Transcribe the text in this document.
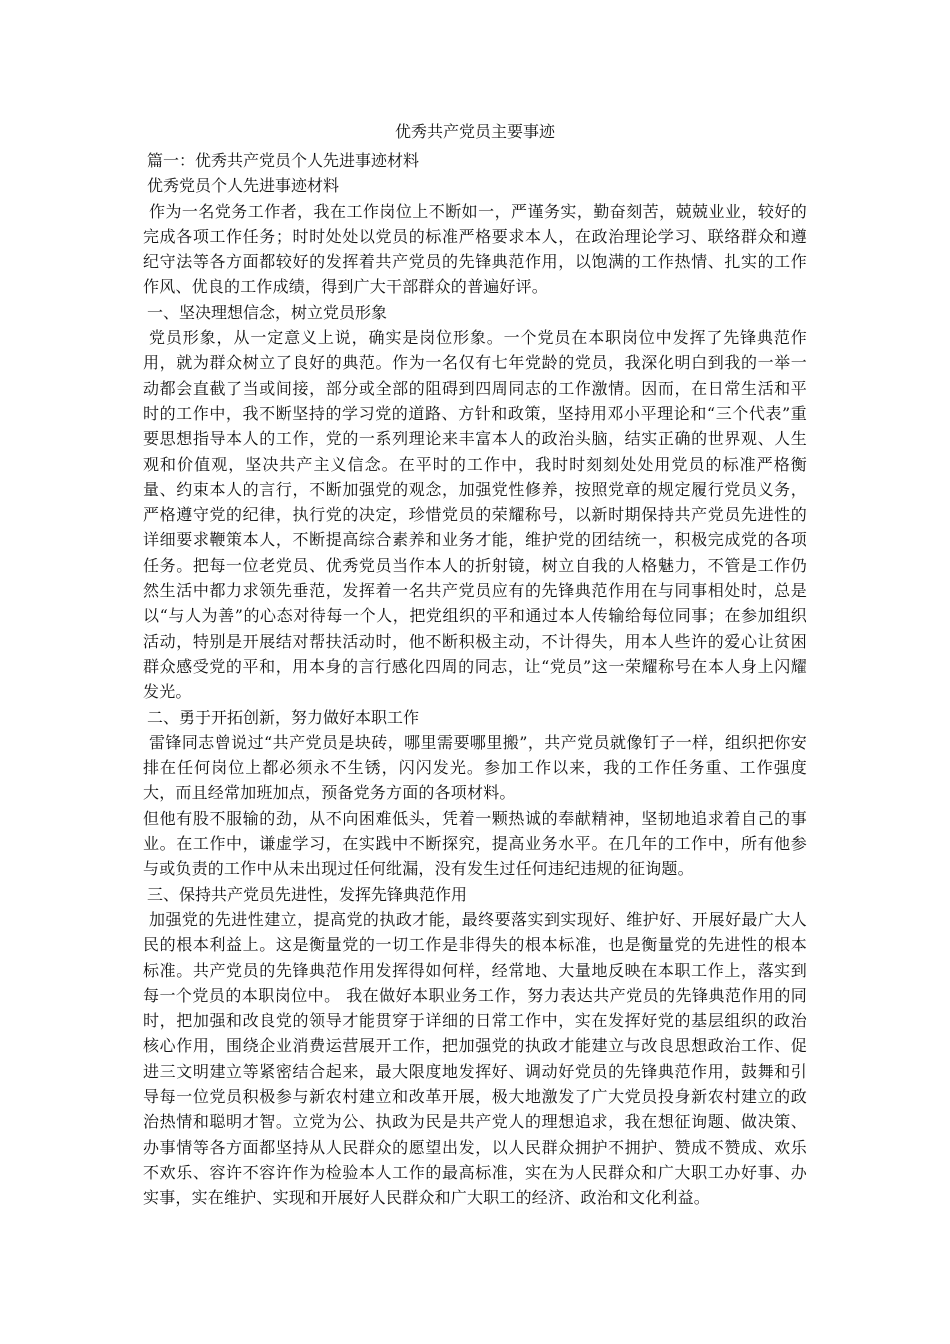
优秀共产党员主要事迹

篇一：优秀共产党员个人先进事迹材料

优秀党员个人先进事迹材料

作为一名党务工作者，我在工作岗位上不断如一，严谨务实，勤奋刻苦，兢兢业业，较好的完成各项工作任务；时时处处以党员的标准严格要求本人，在政治理论学习、联络群众和遵纪守法等各方面都较好的发挥着共产党员的先锋典范作用，以饱满的工作热情、扎实的工作作风、优良的工作成绩，得到广大干部群众的普遍好评。

一、坚决理想信念，树立党员形象

党员形象，从一定意义上说，确实是岗位形象。一个党员在本职岗位中发挥了先锋典范作用，就为群众树立了良好的典范。作为一名仅有七年党龄的党员，我深化明白到我的一举一动都会直截了当或间接，部分或全部的阻碍到四周同志的工作激情。因而，在日常生活和平时的工作中，我不断坚持的学习党的道路、方针和政策，坚持用邓小平理论和“三个代表”重要思想指导本人的工作，党的一系列理论来丰富本人的政治头脑，结实正确的世界观、人生观和价值观，坚决共产主义信念。在平时的工作中，我时时刻刻处处用党员的标准严格衡量、约束本人的言行，不断加强党的观念，加强党性修养，按照党章的规定履行党员义务，严格遵守党的纪律，执行党的决定，珍惜党员的荣耀称号，以新时期保持共产党员先进性的详细要求鞭策本人，不断提高综合素养和业务才能，维护党的团结统一，积极完成党的各项任务。把每一位老党员、优秀党员当作本人的折射镜，树立自我的人格魅力，不管是工作仍然生活中都力求领先垂范，发挥着一名共产党员应有的先锋典范作用在与同事相处时，总是以“与人为善”的心态对待每一个人，把党组织的平和通过本人传输给每位同事；在参加组织活动，特别是开展结对帮扶活动时，他不断积极主动，不计得失，用本人些许的爱心让贫困群众感受党的平和，用本身的言行感化四周的同志，让“党员”这一荣耀称号在本人身上闪耀发光。

二、勇于开拓创新，努力做好本职工作

雷锋同志曾说过“共产党员是块砖，哪里需要哪里搬”，共产党员就像钉子一样，组织把你安排在任何岗位上都必须永不生锈，闪闪发光。参加工作以来，我的工作任务重、工作强度大，而且经常加班加点，预备党务方面的各项材料。

但他有股不服输的劲，从不向困难低头，凭着一颗热诚的奉献精神，坚韧地追求着自己的事业。在工作中，谦虚学习，在实践中不断探究，提高业务水平。在几年的工作中，所有他参与或负责的工作中从未出现过任何纰漏，没有发生过任何违纪违规的征询题。

三、保持共产党员先进性，发挥先锋典范作用

加强党的先进性建立，提高党的执政才能，最终要落实到实现好、维护好、开展好最广大人民的根本利益上。这是衡量党的一切工作是非得失的根本标准，也是衡量党的先进性的根本标准。共产党员的先锋典范作用发挥得如何样，经常地、大量地反映在本职工作上，落实到每一个党员的本职岗位中。 我在做好本职业务工作，努力表达共产党员的先锋典范作用的同时，把加强和改良党的领导才能贯穿于详细的日常工作中，实在发挥好党的基层组织的政治核心作用，围绕企业消费运营展开工作，把加强党的执政才能建立与改良思想政治工作、促进三文明建立等紧密结合起来，最大限度地发挥好、调动好党员的先锋典范作用，鼓舞和引导每一位党员积极参与新农村建立和改革开展，极大地激发了广大党员投身新农村建立的政治热情和聪明才智。立党为公、执政为民是共产党人的理想追求，我在想征询题、做决策、办事情等各方面都坚持从人民群众的愿望出发，以人民群众拥护不拥护、赞成不赞成、欢乐不欢乐、容许不容许作为检验本人工作的最高标准，实在为人民群众和广大职工办好事、办实事，实在维护、实现和开展好人民群众和广大职工的经济、政治和文化利益。
